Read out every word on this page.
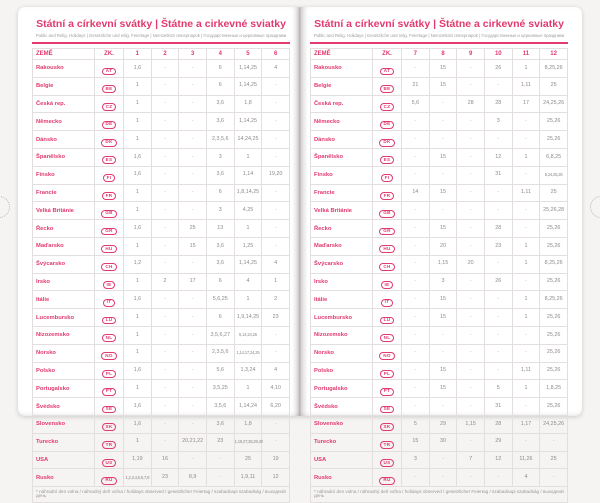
Státní a církevní svátky | Štátne a cirkevné sviatky
Public and Relig. Holidays | Gesetzliche und relig. Feiertage | Nemzetközi ünnepnapok | Государственные и церковные праздники
ZEMĚ	ZK.	1	2	3	4	5	6
Rakousko	AT	1,6	-	-	6	1,14,25	4
Belgie	BE	1	-	-	6	1,14,25	-
Česká rep.	CZ	1	-	-	3,6	1,8	-
Německo	DE	1	-	-	3,6	1,14,25	-
Dánsko	DK	1	-	-	2,3,5,6	14,24,25	-
Španělsko	ES	1,6	-	-	3	1	-
Finsko	FI	1,6	-	-	3,6	1,14	19,20
Francie	FR	1	-	-	6	1,8,14,25	-
Velká Británie	GB	1	-	-	3	4,25	-
Řecko	GR	1,6	-	25	13	1	-
Maďarsko	HU	1	-	15	3,6	1,25	-
Švýcarsko	CH	1,2	-	-	3,6	1,14,25	4
Irsko	IE	1	2	17	6	4	1
Itálie	IT	1,6	-	-	5,6,25	1	2
Lucembursko	LU	1	-	-	6	1,9,14,25	23
Nizozemsko	NL	1	-	-	3,5,6,27	5,14,24,25	-
Norsko	NO	1	-	-	2,3,5,6	1,14,17,24,25	-
Polsko	PL	1,6	-	-	5,6	1,3,24	4
Portugalsko	PT	1	-	-	3,5,25	1	4,10
Švédsko	SE	1,6	-	-	3,5,6	1,14,24	6,20
Slovensko	SK	1,6	-	-	3,6	1,8	-
Turecko	TR	1	-	20,21,22	23	1,19,27,28,29,30	-
USA	US	1,19	16	-	-	25	19
Rusko	RU	1,2,3,4,5,6,7,8	23	8,9	-	1,9,11	12
* náhradní den volna / náhradný deň voľna / holidays observed / gesetzlicher Feiertag / szabadnapi szabadság / выходной день							
Státní a církevní svátky | Štátne a cirkevné sviatky
Public and Relig. Holidays | Gesetzliche und relig. Feiertage | Nemzetközi ünnepnapok | Государственные и церковные праздники
ZEMĚ	ZK.	7	8	9	10	11	12
Rakousko	AT	-	15	-	26	1	8,25,26
Belgie	BE	21	15	-	-	1,11	25
Česká rep.	CZ	5,6	-	28	28	17	24,25,26
Německo	DE	-	-	-	3	-	25,26
Dánsko	DK	-	-	-	-	-	25,26
Španělsko	ES	-	15	-	12	1	6,8,25
Finsko	FI	-	-	-	31	-	6,24,25,26
Francie	FR	14	15	-	-	1,11	25
Velká Británie	GB	-	-	-	-	-	25,26,28
Řecko	GR	-	15	-	28	-	25,26
Maďarsko	HU	-	20	-	23	1	25,26
Švýcarsko	CH	-	1,15	20	-	1	8,25,26
Irsko	IE	-	3	-	26	-	25,26
Itálie	IT	-	15	-	-	1	8,25,26
Lucembursko	LU	-	15	-	-	1	25,26
Nizozemsko	NL	-	-	-	-	-	25,26
Norsko	NO	-	-	-	-	-	25,26
Polsko	PL	-	15	-	-	1,11	25,26
Portugalsko	PT	-	15	-	5	1	1,8,25
Švédsko	SE	-	-	-	31	-	25,26
Slovensko	SK	5	29	1,15	28	1,17	24,25,26
Turecko	TR	15	30	-	29	-	-
USA	US	3	-	7	12	11,26	25
Rusko	RU	-	-	-	-	4	-
* náhradní den volna / náhradný deň voľna / holidays observed / gesetzlicher Feiertag / szabadnapi szabadság / выходной день							
